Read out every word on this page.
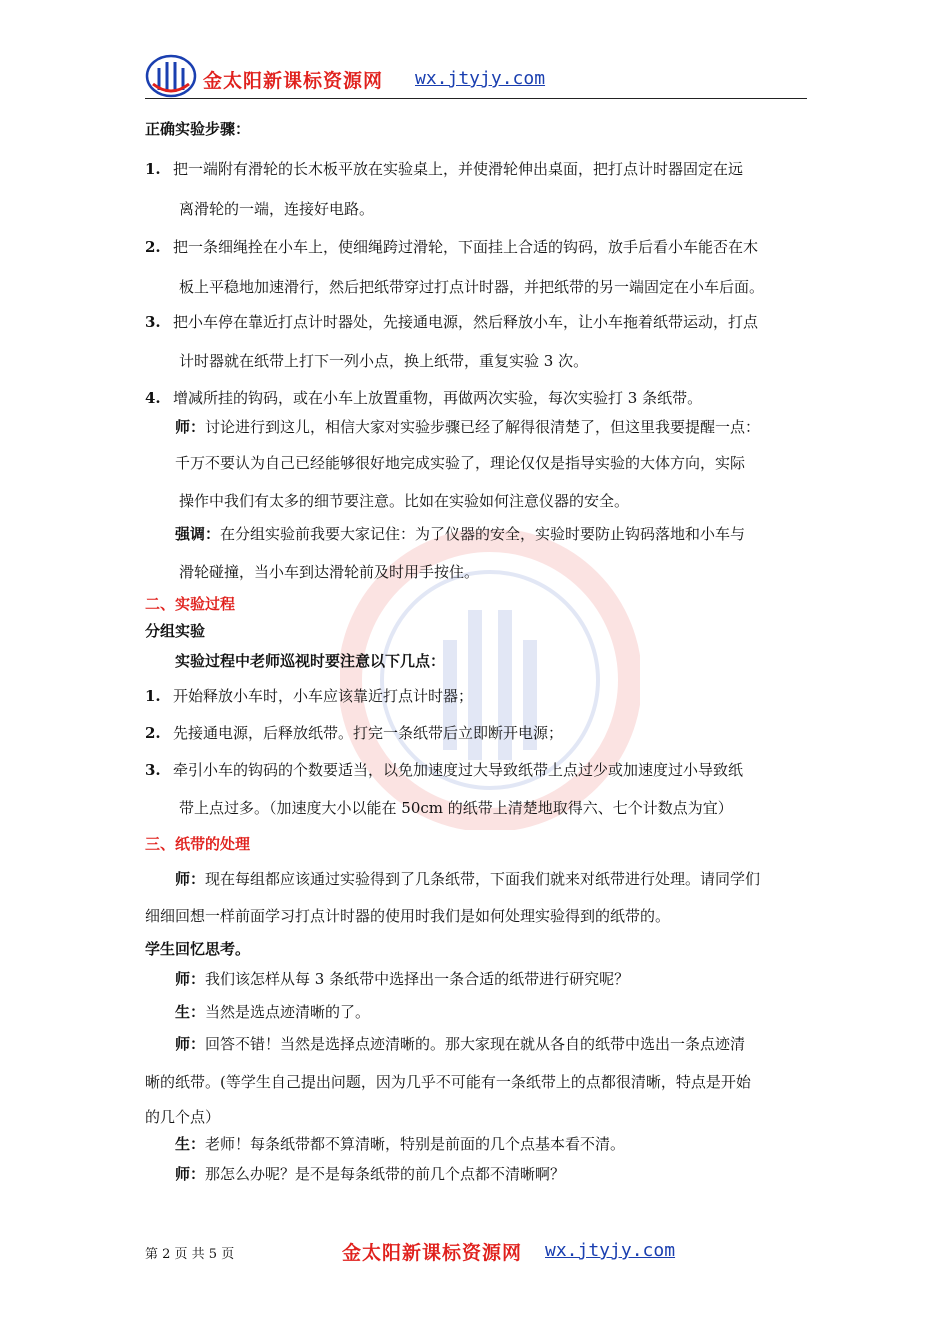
金太阳新课标资源网 wx.jtyjy.com
正确实验步骤：
1. 把一端附有滑轮的长木板平放在实验桌上，并使滑轮伸出桌面，把打点计时器固定在远
离滑轮的一端，连接好电路。
2. 把一条细绳拴在小车上，使细绳跨过滑轮，下面挂上合适的钩码，放手后看小车能否在木
板上平稳地加速滑行，然后把纸带穿过打点计时器，并把纸带的另一端固定在小车后面。
3. 把小车停在靠近打点计时器处，先接通电源，然后释放小车，让小车拖着纸带运动，打点
计时器就在纸带上打下一列小点，换上纸带，重复实验 3 次。
4. 增减所挂的钩码，或在小车上放置重物，再做两次实验，每次实验打 3 条纸带。
师：讨论进行到这儿，相信大家对实验步骤已经了解得很清楚了，但这里我要提醒一点：
千万不要认为自己已经能够很好地完成实验了，理论仅仅是指导实验的大体方向，实际
操作中我们有太多的细节要注意。比如在实验如何注意仪器的安全。
强调：在分组实验前我要大家记住：为了仪器的安全，实验时要防止钩码落地和小车与
滑轮碰撞，当小车到达滑轮前及时用手按住。
二、实验过程
分组实验
实验过程中老师巡视时要注意以下几点：
1. 开始释放小车时，小车应该靠近打点计时器；
2. 先接通电源，后释放纸带。打完一条纸带后立即断开电源；
3. 牵引小车的钩码的个数要适当，以免加速度过大导致纸带上点过少或加速度过小导致纸
带上点过多。（加速度大小以能在 50cm 的纸带上清楚地取得六、七个计数点为宜）
三、纸带的处理
师：现在每组都应该通过实验得到了几条纸带，下面我们就来对纸带进行处理。请同学们
细细回想一样前面学习打点计时器的使用时我们是如何处理实验得到的纸带的。
学生回忆思考。
师：我们该怎样从每 3 条纸带中选择出一条合适的纸带进行研究呢？
生：当然是选点迹清晰的了。
师：回答不错！当然是选择点迹清晰的。那大家现在就从各自的纸带中选出一条点迹清
晰的纸带。(等学生自己提出问题，因为几乎不可能有一条纸带上的点都很清晰，特点是开始
的几个点）
生：老师！每条纸带都不算清晰，特别是前面的几个点基本看不清。
师：那怎么办呢？是不是每条纸带的前几个点都不清晰啊？
第 2 页 共 5 页	金太阳新课标资源网 wx.jtyjy.com
